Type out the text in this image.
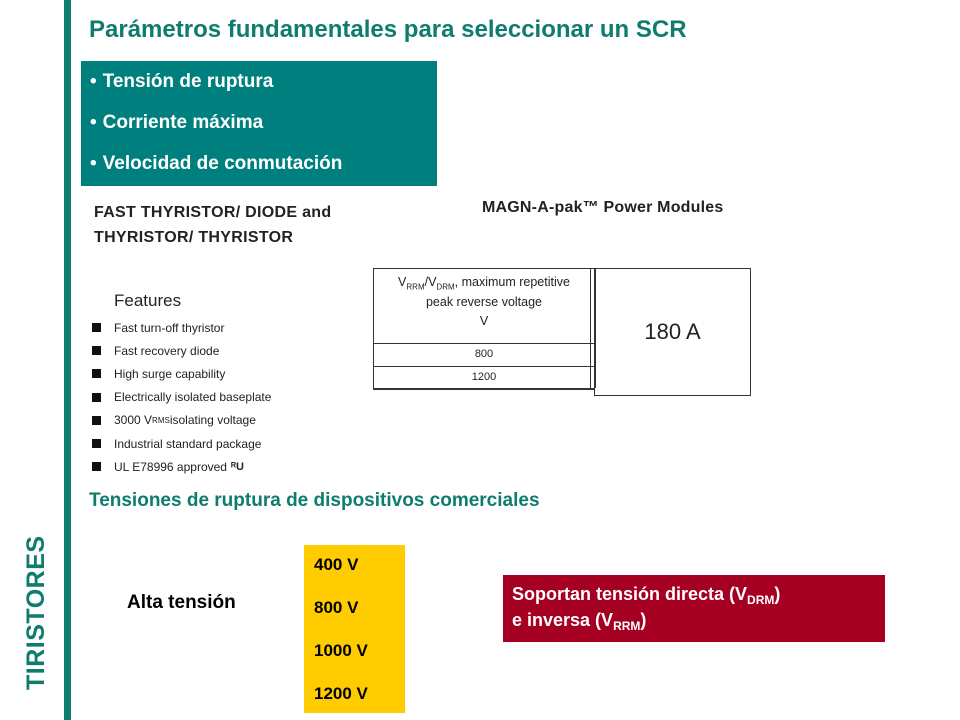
TIRISTORES
Parámetros fundamentales para seleccionar un SCR
• Tensión de ruptura
• Corriente máxima
• Velocidad de conmutación
FAST THYRISTOR/ DIODE and
THYRISTOR/ THYRISTOR
MAGN-A-pak™ Power Modules
Features
Fast turn-off thyristor
Fast recovery diode
High surge capability
Electrically isolated baseplate
3000 V RMS isolating voltage
Industrial standard package
UL E78996 approved ᴿU
$V_{RRM}/V_{DRM}$, maximum repetitive
peak reverse voltage
V
800
1200
180 A
Tensiones de ruptura de dispositivos comerciales
Alta tensión
400 V
800 V
1000 V
1200 V
Soportan tensión directa $(V_{DRM})$
e inversa $(V_{RRM})$
